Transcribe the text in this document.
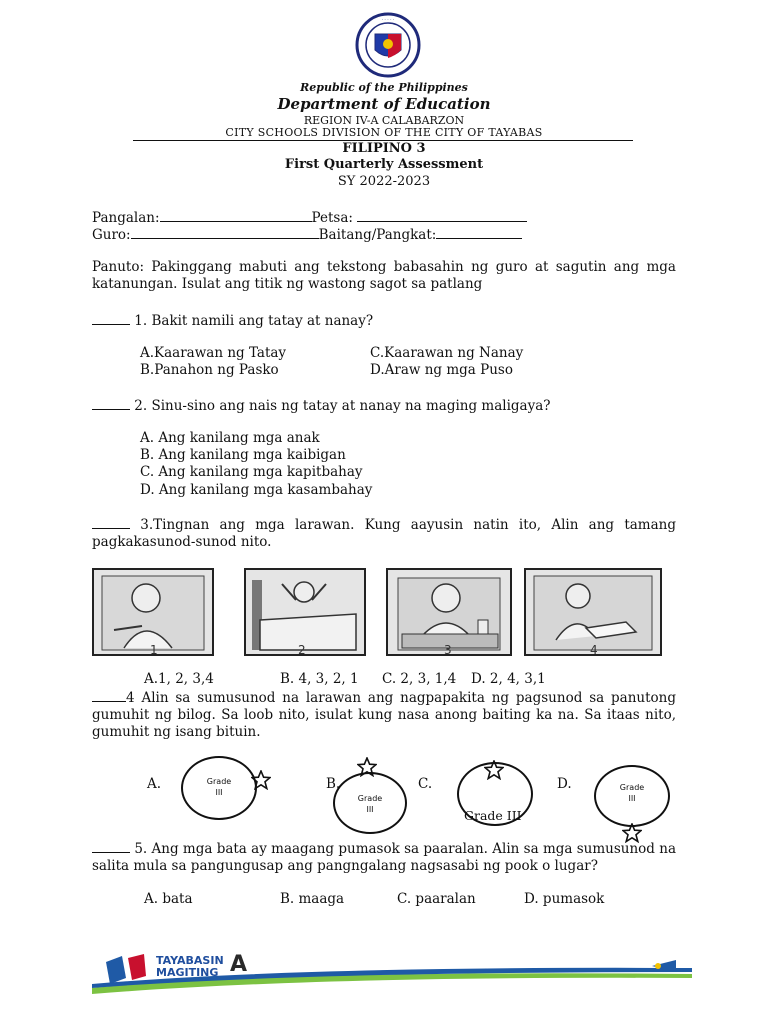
· · · · ·
Republic of the Philippines
Department of Education
REGION IV-A CALABARZON
CITY SCHOOLS DIVISION OF THE CITY OF TAYABAS
FILIPINO 3
First Quarterly Assessment
SY 2022-2023
Pangalan:	Petsa:
Guro:	Baitang/Pangkat:
Panuto: Pakinggang mabuti ang tekstong babasahin ng guro at sagutin ang mga katanungan. Isulat ang titik ng wastong sagot sa patlang
1. Bakit namili ang tatay at nanay?
A.Kaarawan ng Tatay
B.Panahon ng Pasko
C.Kaarawan ng Nanay
D.Araw ng mga Puso
2. Sinu-sino ang nais ng tatay at nanay na maging maligaya?
A. Ang kanilang mga anak
B. Ang kanilang mga kaibigan
C. Ang kanilang mga kapitbahay
D. Ang kanilang mga kasambahay
3.Tingnan ang mga larawan. Kung aayusin natin ito, Alin ang tamang pagkakasunod-sunod nito.
1	2	3	4
A.1, 2, 3,4	B. 4, 3, 2, 1 C. 2, 3, 1,4 D. 2, 4, 3,1
4 Alin sa sumusunod na larawan ang nagpapakita ng pagsunod sa panutong gumuhit ng bilog. Sa loob nito, isulat kung nasa anong baiting ka na. Sa itaas nito, gumuhit ng isang bituin.
A.	B.	C.	D.
Grade
III
Grade
III	Grade III
Grade
III
5. Ang mga bata ay maagang pumasok sa paaralan. Alin sa mga sumusunod na salita mula sa pangungusap ang pangngalang nagsasabi ng pook o lugar?
A. bata	B. maaga	C. paaralan	D. pumasok
TAYABASIN
MAGITING A
